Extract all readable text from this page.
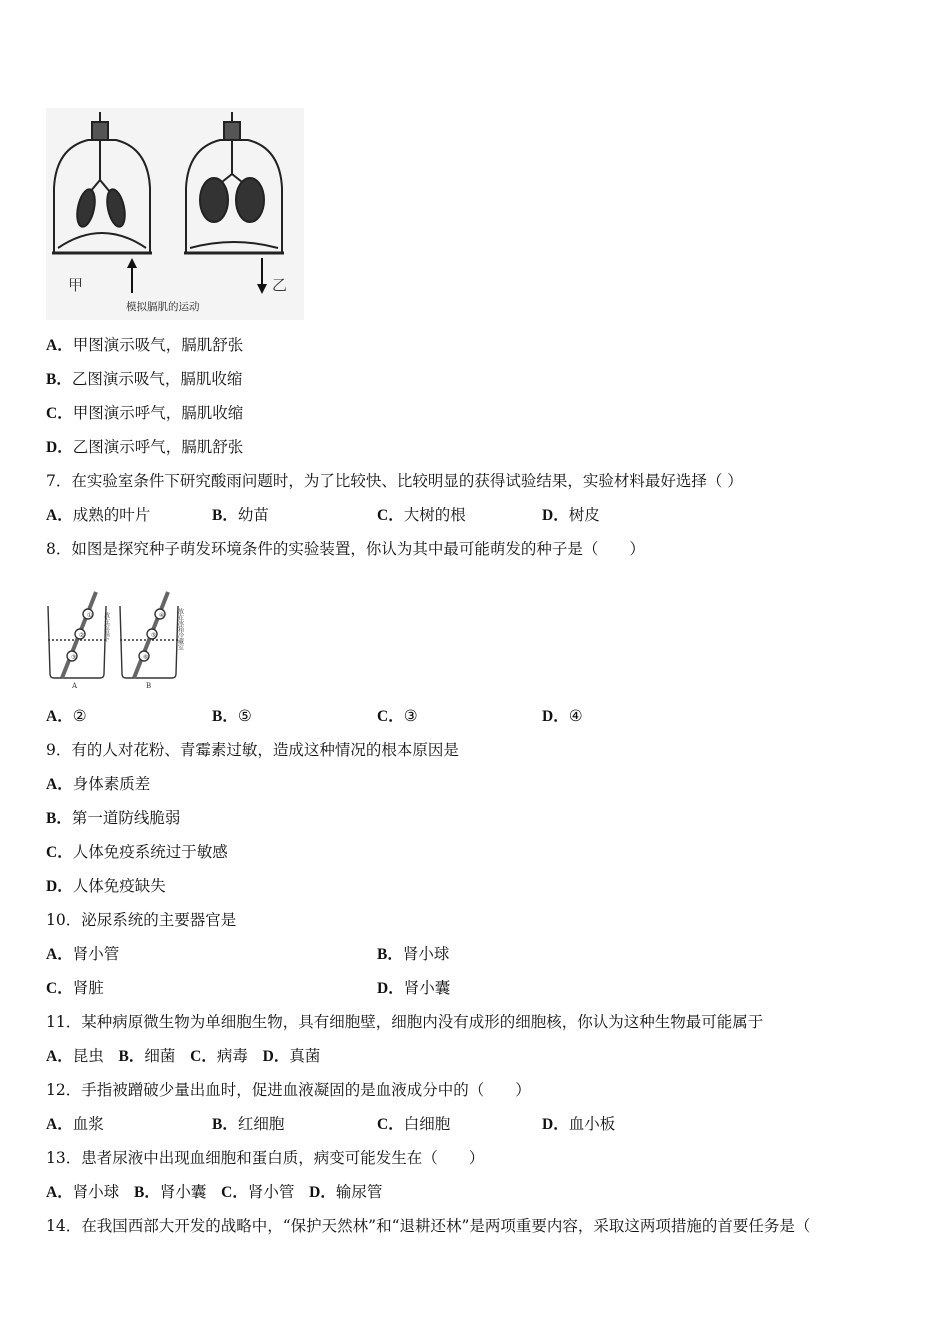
甲	乙
模拟膈肌的运动
A．甲图演示吸气，膈肌舒张
B．乙图演示吸气，膈肌收缩
C．甲图演示呼气，膈肌收缩
D．乙图演示呼气，膈肌舒张
7．在实验室条件下研究酸雨问题时，为了比较快、比较明显的获得试验结果，实验材料最好选择（ ）
A．成熟的叶片	B．幼苗	C．大树的根	D．树皮
8．如图是探究种子萌发环境条件的实验装置，你认为其中最可能萌发的种子是（　　）
①
②
③
放在室温下
A
④
⑤
⑥
放在冰箱冷藏室
B
A．②	B．⑤	C．③	D．④
9．有的人对花粉、青霉素过敏，造成这种情况的根本原因是
A．身体素质差
B．第一道防线脆弱
C．人体免疫系统过于敏感
D．人体免疫缺失
10．泌尿系统的主要器官是
A．肾小管	B．肾小球
C．肾脏	D．肾小囊
11．某种病原微生物为单细胞生物，具有细胞壁，细胞内没有成形的细胞核，你认为这种生物最可能属于
A．昆虫 B．细菌 C．病毒 D．真菌
12．手指被蹭破少量出血时，促进血液凝固的是血液成分中的（　　）
A．血浆	B．红细胞	C．白细胞	D．血小板
13．患者尿液中出现血细胞和蛋白质，病变可能发生在（　　）
A．肾小球 B．肾小囊 C．肾小管 D．输尿管
14．在我国西部大开发的战略中，“保护天然林”和“退耕还林”是两项重要内容，采取这两项措施的首要任务是（
